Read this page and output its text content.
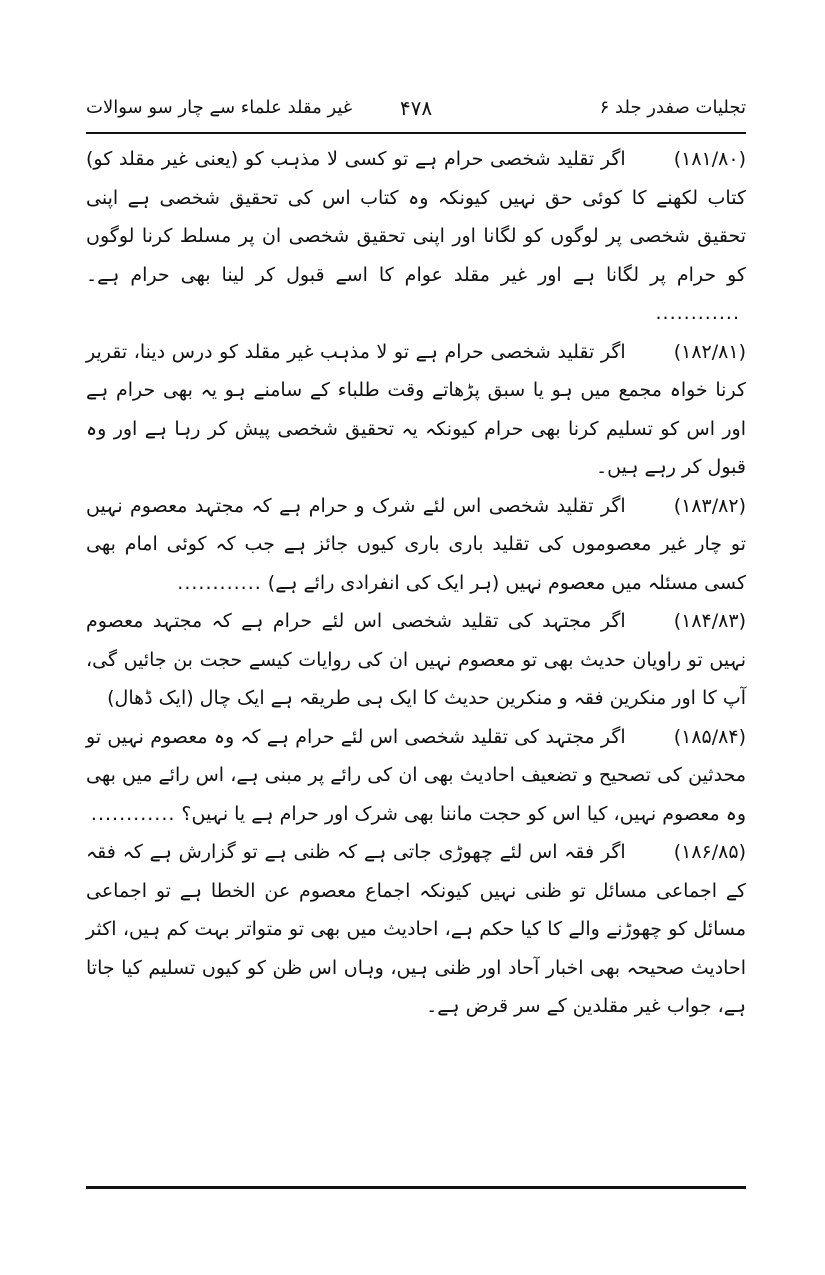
تجلیات صفدر جلد ۶
۴۷۸
غیر مقلد علماء سے چار سو سوالات

(۱۸۱/۸۰)اگر تقلید شخصی حرام ہے تو کسی لا مذہب کو (یعنی غیر مقلد کو) کتاب لکھنے کا کوئی حق نہیں کیونکہ وہ کتاب اس کی تحقیق شخصی ہے اپنی تحقیق شخصی پر لوگوں کو لگانا اور اپنی تحقیق شخصی ان پر مسلط کرنا لوگوں کو حرام پر لگانا ہے اور غیر مقلد عوام کا اسے قبول کر لینا بھی حرام ہے۔............

(۱۸۲/۸۱)اگر تقلید شخصی حرام ہے تو لا مذہب غیر مقلد کو درس دینا، تقریر کرنا خواہ مجمع میں ہو یا سبق پڑھاتے وقت طلباء کے سامنے ہو یہ بھی حرام ہے اور اس کو تسلیم کرنا بھی حرام کیونکہ یہ تحقیق شخصی پیش کر رہا ہے اور وہ قبول کر رہے ہیں۔

(۱۸۳/۸۲)اگر تقلید شخصی اس لئے شرک و حرام ہے کہ مجتہد معصوم نہیں تو چار غیر معصوموں کی تقلید باری باری کیوں جائز ہے جب کہ کوئی امام بھی کسی مسئلہ میں معصوم نہیں (ہر ایک کی انفرادی رائے ہے)............

(۱۸۴/۸۳)اگر مجتہد کی تقلید شخصی اس لئے حرام ہے کہ مجتہد معصوم نہیں تو راویان حدیث بھی تو معصوم نہیں ان کی روایات کیسے حجت بن جائیں گی، آپ کا اور منکرین فقہ و منکرین حدیث کا ایک ہی طریقہ ہے ایک چال (ایک ڈھال)

(۱۸۵/۸۴)اگر مجتہد کی تقلید شخصی اس لئے حرام ہے کہ وہ معصوم نہیں تو محدثین کی تصحیح و تضعیف احادیث بھی ان کی رائے پر مبنی ہے، اس رائے میں بھی وہ معصوم نہیں، کیا اس کو حجت ماننا بھی شرک اور حرام ہے یا نہیں؟............

(۱۸۶/۸۵)اگر فقہ اس لئے چھوڑی جاتی ہے کہ ظنی ہے تو گزارش ہے کہ فقہ کے اجماعی مسائل تو ظنی نہیں کیونکہ اجماع معصوم عن الخطا ہے تو اجماعی مسائل کو چھوڑنے والے کا کیا حکم ہے، احادیث میں بھی تو متواتر بہت کم ہیں، اکثر احادیث صحیحہ بھی اخبار آحاد اور ظنی ہیں، وہاں اس ظن کو کیوں تسلیم کیا جاتا ہے، جواب غیر مقلدین کے سر قرض ہے۔
